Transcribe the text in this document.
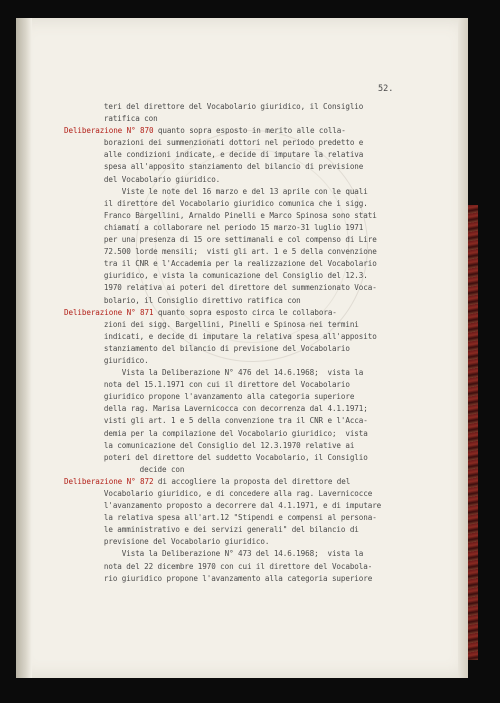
52.

teri del direttore del Vocabolario giuridico, il Consiglio
ratifica con
Deliberazione N° 870 quanto sopra esposto in merito alle colla-
borazioni dei summenzionati dottori nel periodo predetto e
alle condizioni indicate, e decide di imputare la relativa
spesa all'apposito stanziamento del bilancio di previsione
del Vocabolario giuridico.
Viste le note del 16 marzo e del 13 aprile con le quali
il direttore del Vocabolario giuridico comunica che i sigg.
Franco Bargellini, Arnaldo Pinelli e Marco Spinosa sono stati
chiamati a collaborare nel periodo 15 marzo-31 luglio 1971
per una presenza di 15 ore settimanali e col compenso di Lire
72.500 lorde mensili;  visti gli art. 1 e 5 della convenzione
tra il CNR e l'Accademia per la realizzazione del Vocabolario
giuridico, e vista la comunicazione del Consiglio del 12.3.
1970 relativa ai poteri del direttore del summenzionato Voca-
bolario, il Consiglio direttivo ratifica con
Deliberazione N° 871 quanto sopra esposto circa le collabora-
zioni dei sigg. Bargellini, Pinelli e Spinosa nei termini
indicati, e decide di imputare la relativa spesa all'apposito
stanziamento del bilancio di previsione del Vocabolario
giuridico.
Vista la Deliberazione N° 476 del 14.6.1968;  vista la
nota del 15.1.1971 con cui il direttore del Vocabolario
giuridico propone l'avanzamento alla categoria superiore
della rag. Marisa Lavernicocca con decorrenza dal 4.1.1971;
visti gli art. 1 e 5 della convenzione tra il CNR e l'Acca-
demia per la compilazione del Vocabolario giuridico;  vista
la comunicazione del Consiglio del 12.3.1970 relative ai
poteri del direttore del suddetto Vocabolario, il Consiglio
decide con
Deliberazione N° 872 di accogliere la proposta del direttore del
Vocabolario giuridico, e di concedere alla rag. Lavernicocce
l'avanzamento proposto a decorrere dal 4.1.1971, e di imputare
la relativa spesa all'art.12 "Stipendi e compensi al persona-
le amministrativo e dei servizi generali" del bilancio di
previsione del Vocabolario giuridico.
Vista la Deliberazione N° 473 del 14.6.1968;  vista la
nota del 22 dicembre 1970 con cui il direttore del Vocabola-
rio giuridico propone l'avanzamento alla categoria superiore
